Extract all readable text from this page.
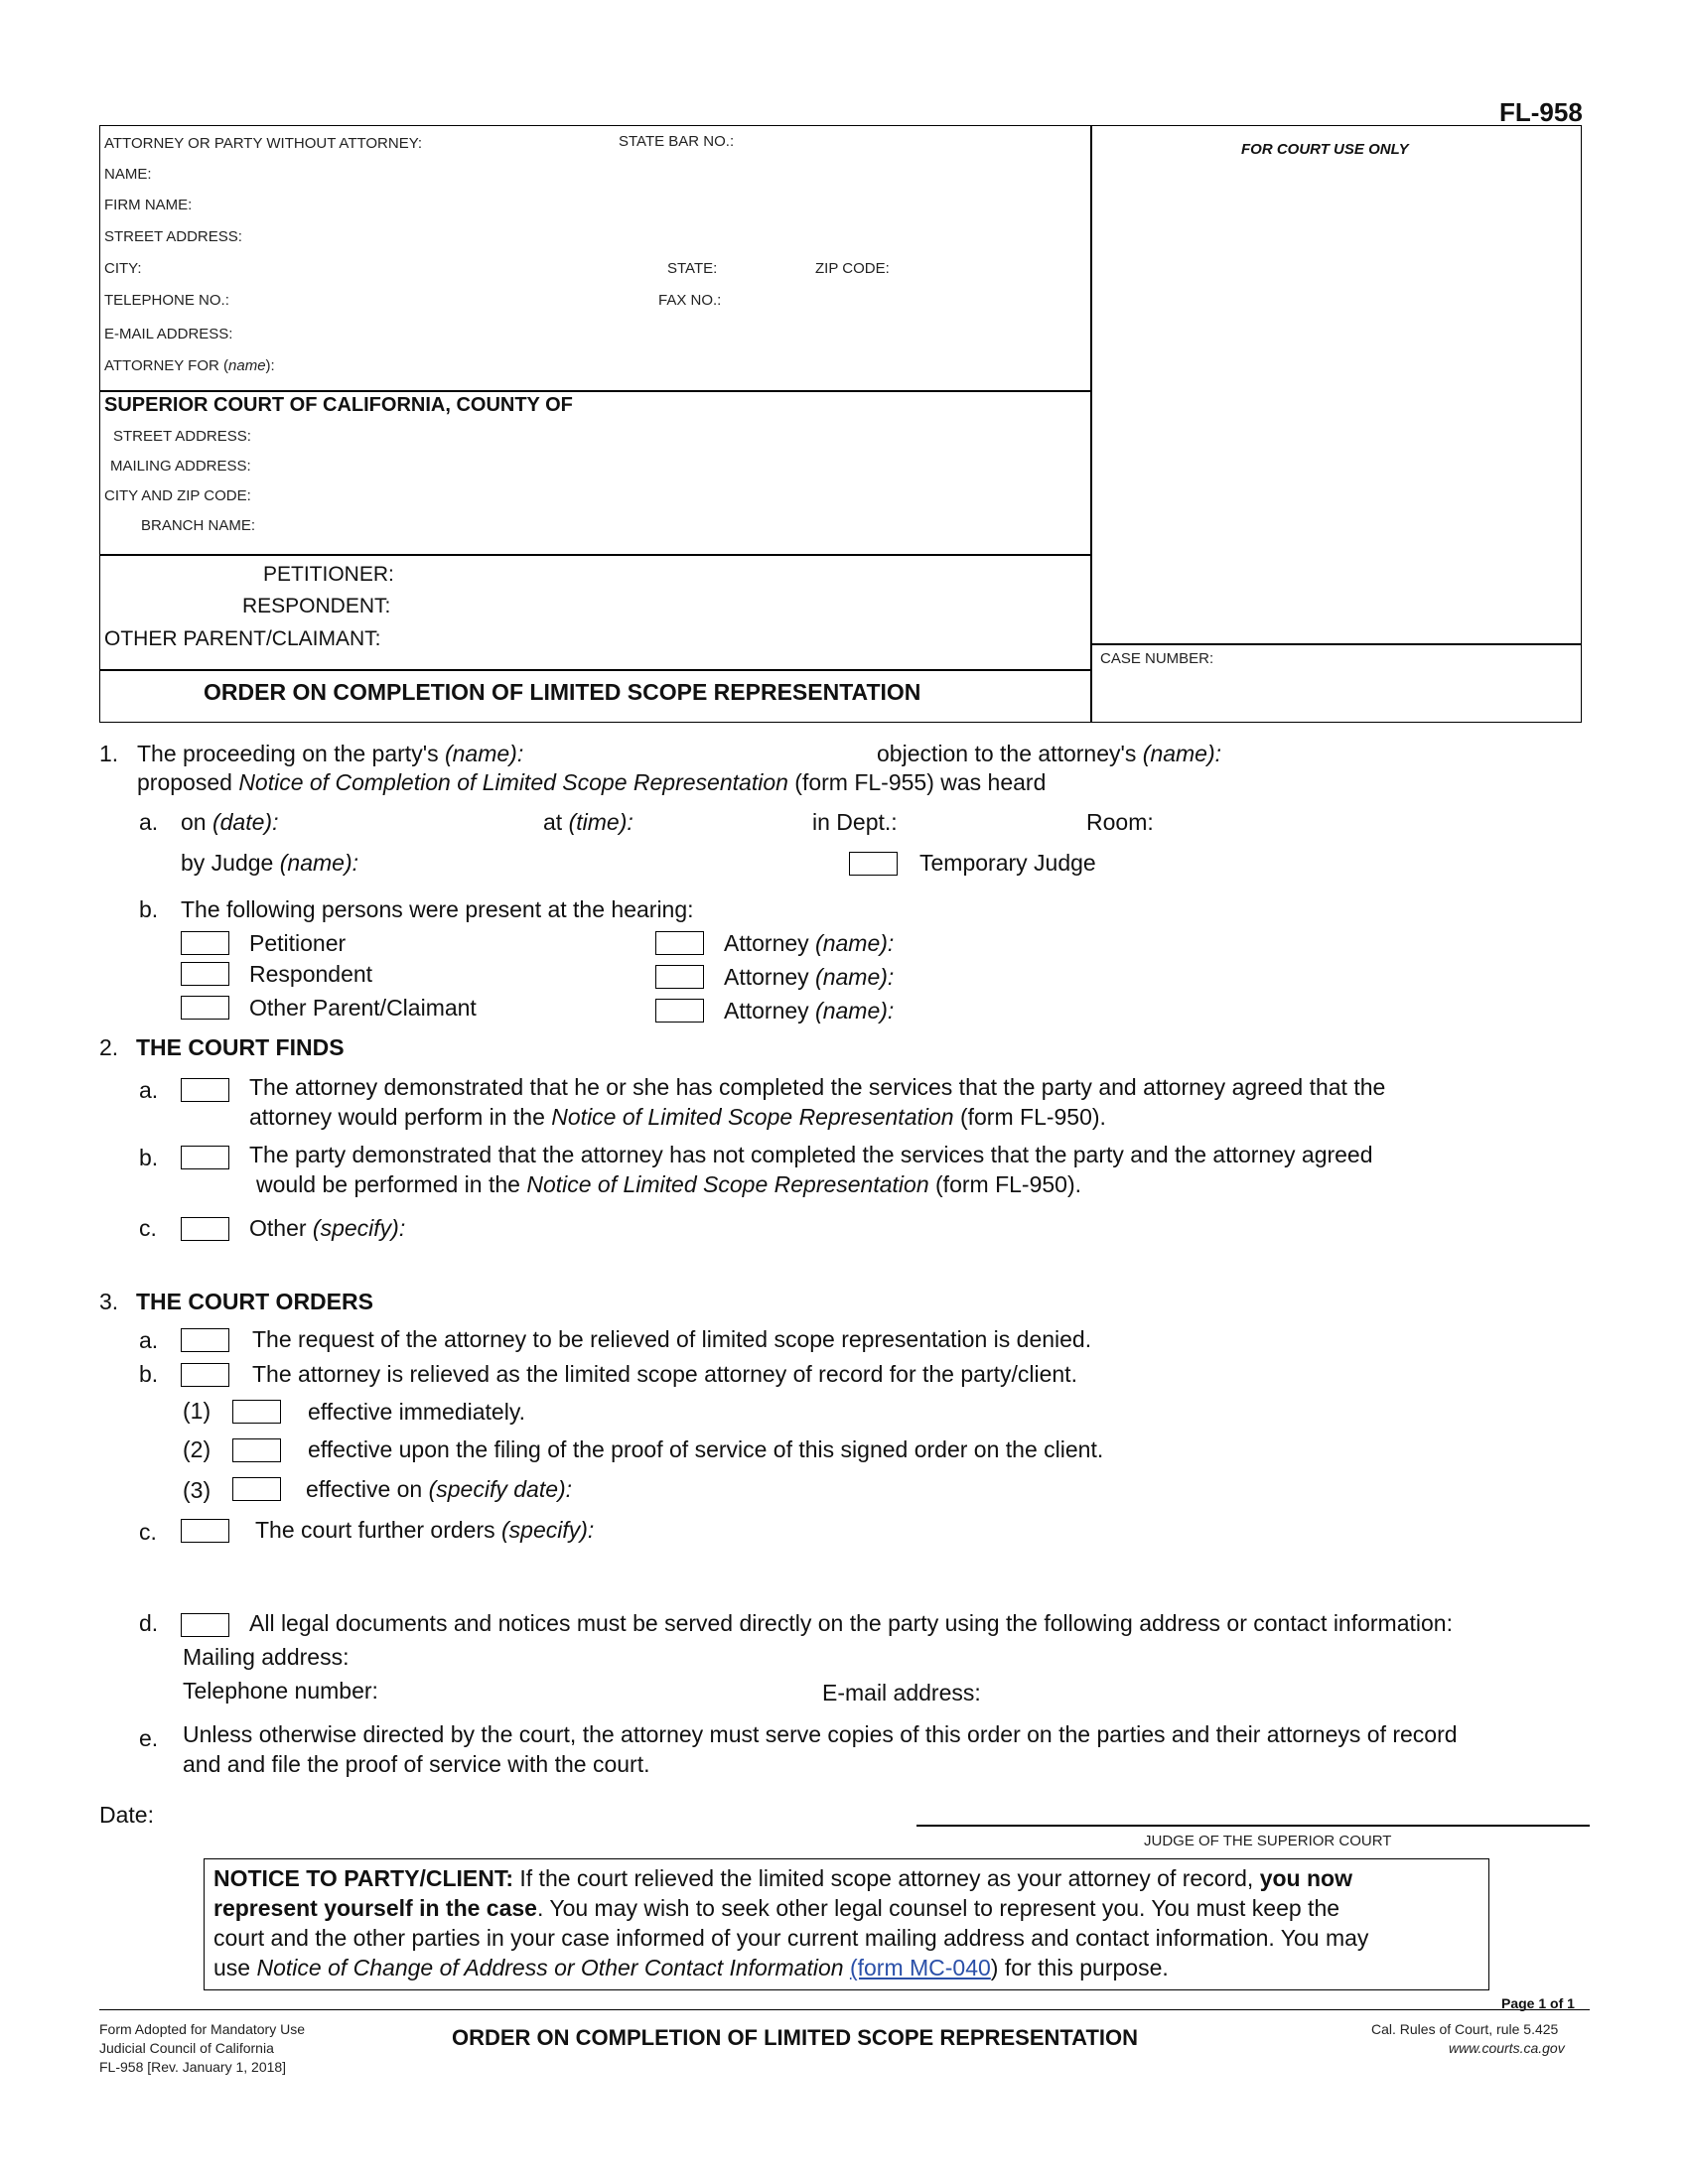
FL-958
ATTORNEY OR PARTY WITHOUT ATTORNEY:	STATE BAR NO.:
NAME:
FIRM NAME:
STREET ADDRESS:
CITY:	STATE:	ZIP CODE:
TELEPHONE NO.:	FAX NO.:
E-MAIL ADDRESS:
ATTORNEY FOR (name):
FOR COURT USE ONLY
SUPERIOR COURT OF CALIFORNIA, COUNTY OF
STREET ADDRESS:
MAILING ADDRESS:
CITY AND ZIP CODE:
BRANCH NAME:
PETITIONER:
RESPONDENT:
OTHER PARENT/CLAIMANT:
CASE NUMBER:
ORDER ON COMPLETION OF LIMITED SCOPE REPRESENTATION
1. The proceeding on the party's (name):	objection to the attorney's (name):
proposed Notice of Completion of Limited Scope Representation (form FL-955) was heard
a. on (date):	at (time):	in Dept.:	Room:
by Judge (name):	Temporary Judge
b. The following persons were present at the hearing:
Petitioner
Respondent
Other Parent/Claimant
Attorney (name):
Attorney (name):
Attorney (name):
2. THE COURT FINDS
a.	The attorney demonstrated that he or she has completed the services that the party and attorney agreed that the
attorney would perform in the Notice of Limited Scope Representation (form FL-950).
b.	The party demonstrated that the attorney has not completed the services that the party and the attorney agreed
would be performed in the Notice of Limited Scope Representation (form FL-950).
c.	Other (specify):
3. THE COURT ORDERS
a.	The request of the attorney to be relieved of limited scope representation is denied.
b.	The attorney is relieved as the limited scope attorney of record for the party/client.
(1)	effective immediately.
(2)	effective upon the filing of the proof of service of this signed order on the client.
(3)	effective on (specify date):
c.	The court further orders (specify):
d.	All legal documents and notices must be served directly on the party using the following address or contact information:
Mailing address:
Telephone number:	E-mail address:
e. Unless otherwise directed by the court, the attorney must serve copies of this order on the parties and their attorneys of record
and and file the proof of service with the court.
Date:
JUDGE OF THE SUPERIOR COURT
NOTICE TO PARTY/CLIENT: If the court relieved the limited scope attorney as your attorney of record, you now
represent yourself in the case. You may wish to seek other legal counsel to represent you. You must keep the
court and the other parties in your case informed of your current mailing address and contact information. You may
use Notice of Change of Address or Other Contact Information (form MC-040) for this purpose.
Page 1 of 1
Form Adopted for Mandatory Use
Judicial Council of California
FL-958 [Rev. January 1, 2018]
ORDER ON COMPLETION OF LIMITED SCOPE REPRESENTATION	Cal. Rules of Court, rule 5.425
www.courts.ca.gov
